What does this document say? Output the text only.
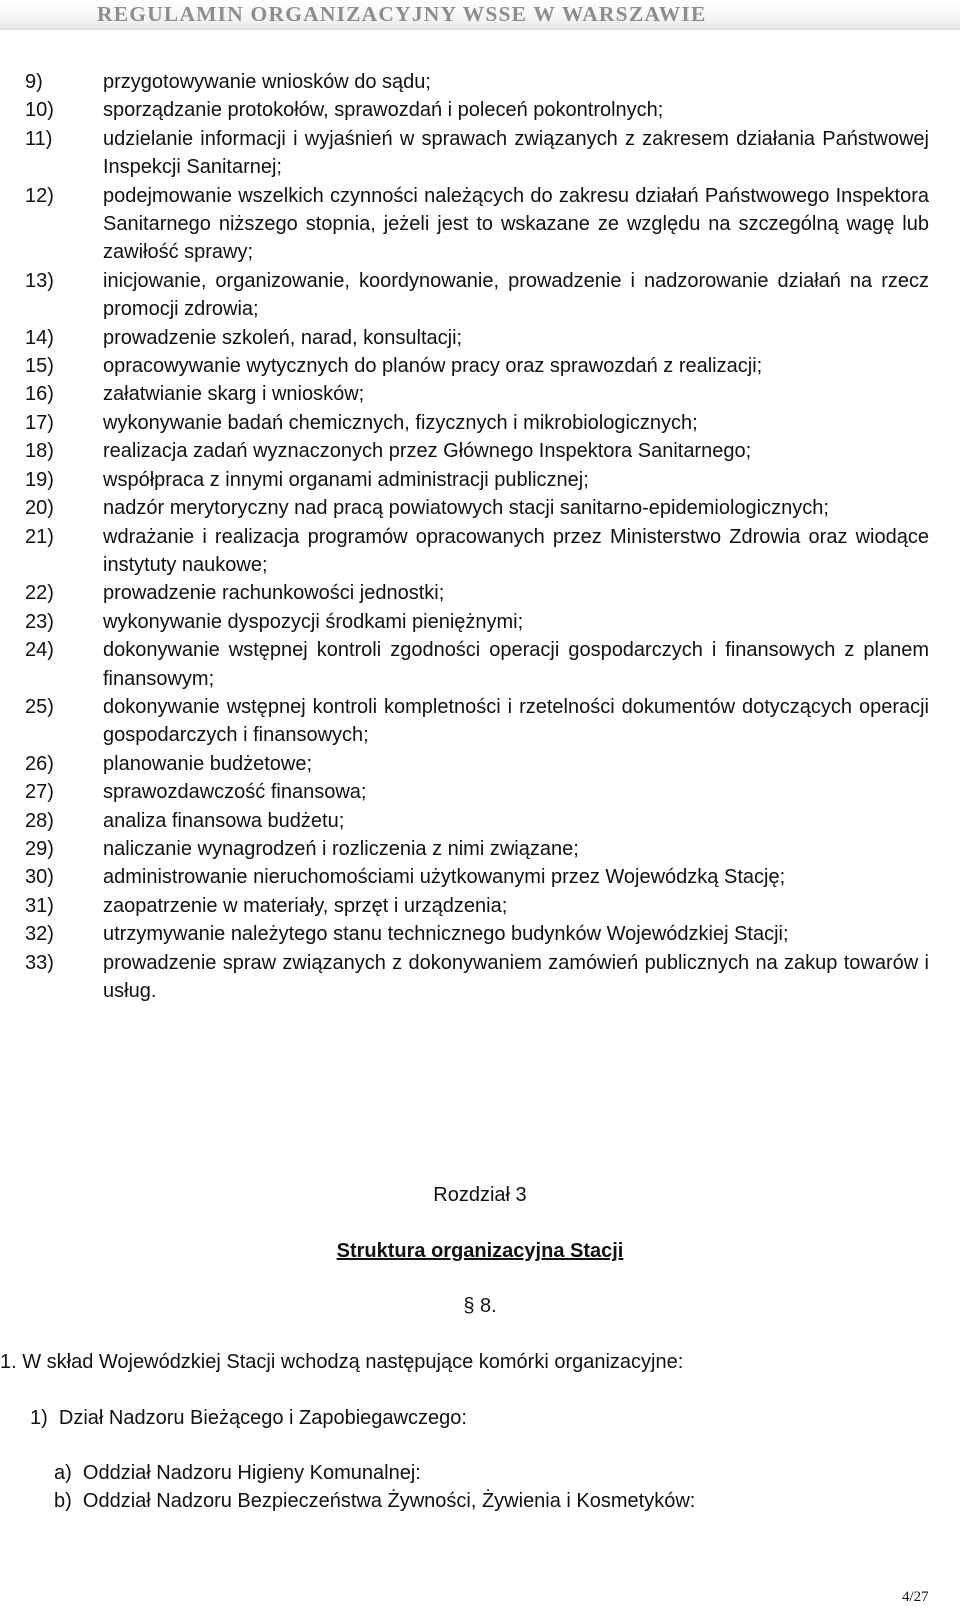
REGULAMIN ORGANIZACYJNY WSSE W WARSZAWIE
9)	przygotowywanie wniosków do sądu;
10) sporządzanie protokołów, sprawozdań i poleceń pokontrolnych;
11)	udzielanie informacji i wyjaśnień w sprawach związanych z zakresem działania Państwowej Inspekcji Sanitarnej;
12) podejmowanie wszelkich czynności należących do zakresu działań Państwowego Inspektora Sanitarnego niższego stopnia, jeżeli jest to wskazane ze względu na szczególną wagę lub zawiłość sprawy;
13) inicjowanie, organizowanie, koordynowanie, prowadzenie i nadzorowanie działań na rzecz promocji zdrowia;
14) prowadzenie szkoleń, narad, konsultacji;
15) opracowywanie wytycznych do planów pracy oraz sprawozdań z realizacji;
16) załatwianie skarg i wniosków;
17) wykonywanie badań chemicznych, fizycznych i mikrobiologicznych;
18) realizacja zadań wyznaczonych przez Głównego Inspektora Sanitarnego;
19) współpraca z innymi organami administracji publicznej;
20) nadzór merytoryczny nad pracą powiatowych stacji sanitarno-epidemiologicznych;
21) wdrażanie i realizacja programów opracowanych przez Ministerstwo Zdrowia oraz wiodące instytuty naukowe;
22) prowadzenie rachunkowości jednostki;
23) wykonywanie dyspozycji środkami pieniężnymi;
24) dokonywanie wstępnej kontroli zgodności operacji gospodarczych i finansowych z planem finansowym;
25) dokonywanie wstępnej kontroli kompletności i rzetelności dokumentów dotyczących operacji gospodarczych i finansowych;
26) planowanie budżetowe;
27) sprawozdawczość finansowa;
28) analiza finansowa budżetu;
29) naliczanie wynagrodzeń i rozliczenia z nimi związane;
30) administrowanie nieruchomościami użytkowanymi przez Wojewódzką Stację;
31) zaopatrzenie w materiały, sprzęt i urządzenia;
32) utrzymywanie należytego stanu technicznego budynków Wojewódzkiej Stacji;
33) prowadzenie spraw związanych z dokonywaniem zamówień publicznych na zakup towarów i usług.
Rozdział 3
Struktura organizacyjna Stacji
§ 8.
1. W skład Wojewódzkiej Stacji wchodzą następujące komórki organizacyjne:
1)  Dział Nadzoru Bieżącego i Zapobiegawczego:
a)  Oddział Nadzoru Higieny Komunalnej:
b)  Oddział Nadzoru Bezpieczeństwa Żywności, Żywienia i Kosmetyków:
4/27
